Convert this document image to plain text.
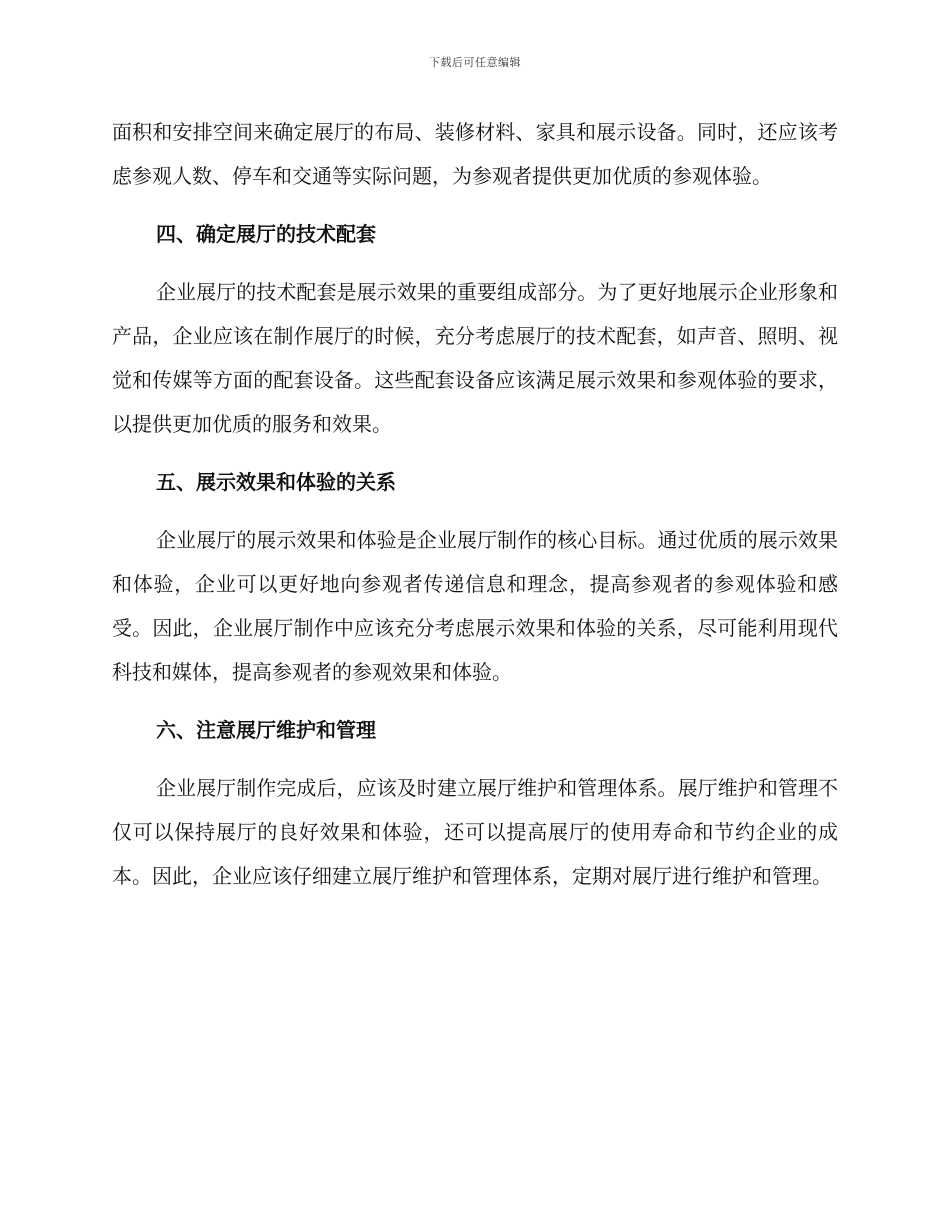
下载后可任意编辑

面积和安排空间来确定展厅的布局、装修材料、家具和展示设备。同时，还应该考虑参观人数、停车和交通等实际问题，为参观者提供更加优质的参观体验。

四、确定展厅的技术配套

企业展厅的技术配套是展示效果的重要组成部分。为了更好地展示企业形象和产品，企业应该在制作展厅的时候，充分考虑展厅的技术配套，如声音、照明、视觉和传媒等方面的配套设备。这些配套设备应该满足展示效果和参观体验的要求，以提供更加优质的服务和效果。

五、展示效果和体验的关系

企业展厅的展示效果和体验是企业展厅制作的核心目标。通过优质的展示效果和体验，企业可以更好地向参观者传递信息和理念，提高参观者的参观体验和感受。因此，企业展厅制作中应该充分考虑展示效果和体验的关系，尽可能利用现代科技和媒体，提高参观者的参观效果和体验。

六、注意展厅维护和管理

企业展厅制作完成后，应该及时建立展厅维护和管理体系。展厅维护和管理不仅可以保持展厅的良好效果和体验，还可以提高展厅的使用寿命和节约企业的成本。因此，企业应该仔细建立展厅维护和管理体系，定期对展厅进行维护和管理。
